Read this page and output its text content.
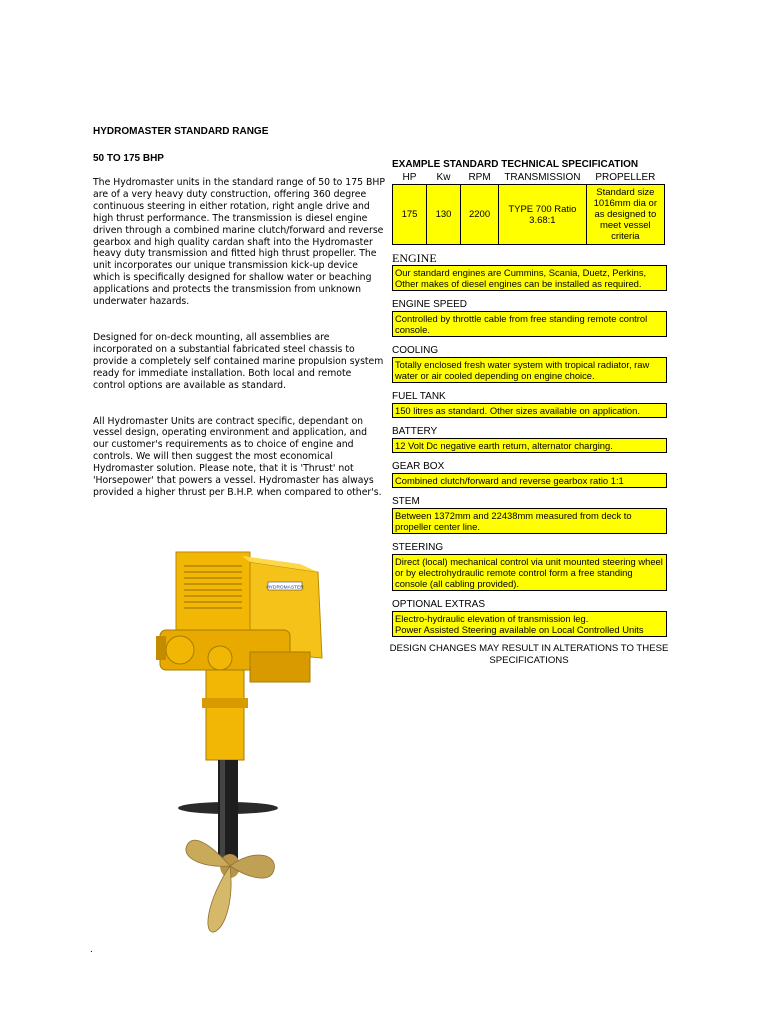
HYDROMASTER STANDARD RANGE

50 TO 175 BHP

The Hydromaster units in the standard range of 50 to 175 BHP are of a very heavy duty construction, offering 360 degree continuous steering in either rotation, right angle drive and high thrust performance. The transmission is diesel engine driven through a combined marine clutch/forward and reverse gearbox and high quality cardan shaft into the Hydromaster heavy duty transmission and fitted high thrust propeller. The unit incorporates our unique transmission kick-up device which is specifically designed for shallow water or beaching applications and protects the transmission from unknown underwater hazards.

Designed for on-deck mounting, all assemblies are incorporated on a substantial fabricated steel chassis to provide a completely self contained marine propulsion system ready for immediate installation. Both local and remote control options are available as standard.

All Hydromaster Units are contract specific, dependant on vessel design, operating environment and application, and our customer's requirements as to choice of engine and controls. We will then suggest the most economical Hydromaster solution. Please note, that it is 'Thrust' not 'Horsepower' that powers a vessel. Hydromaster has always provided a higher thrust per B.H.P. when compared to other's.

EXAMPLE STANDARD TECHNICAL SPECIFICATION

HP	Kw	RPM	TRANSMISSION	PROPELLER
175	130	2200	TYPE 700 Ratio 3.68:1	Standard size 1016mm dia or as designed to meet vessel criteria

ENGINE

Our standard engines are Cummins, Scania, Duetz, Perkins, Other makes of diesel engines can be installed as required.

ENGINE SPEED

Controlled by throttle cable from free standing remote control console.

COOLING

Totally enclosed fresh water system with tropical radiator, raw water or air cooled depending on engine choice.

FUEL TANK

150 litres as standard. Other sizes available on application.

BATTERY

12 Volt Dc negative earth return, alternator charging.

GEAR BOX

Combined clutch/forward and reverse gearbox ratio 1:1

STEM

Between 1372mm and 22438mm measured from deck to propeller center line.

STEERING

Direct (local) mechanical control via unit mounted steering wheel or by electrohydraulic remote control form a free standing console (all cabling provided).

OPTIONAL EXTRAS

Electro-hydraulic elevation of transmission leg.
Power Assisted Steering available on Local Controlled Units

DESIGN CHANGES MAY RESULT IN ALTERATIONS TO THESE SPECIFICATIONS

HYDROMASTER
.
